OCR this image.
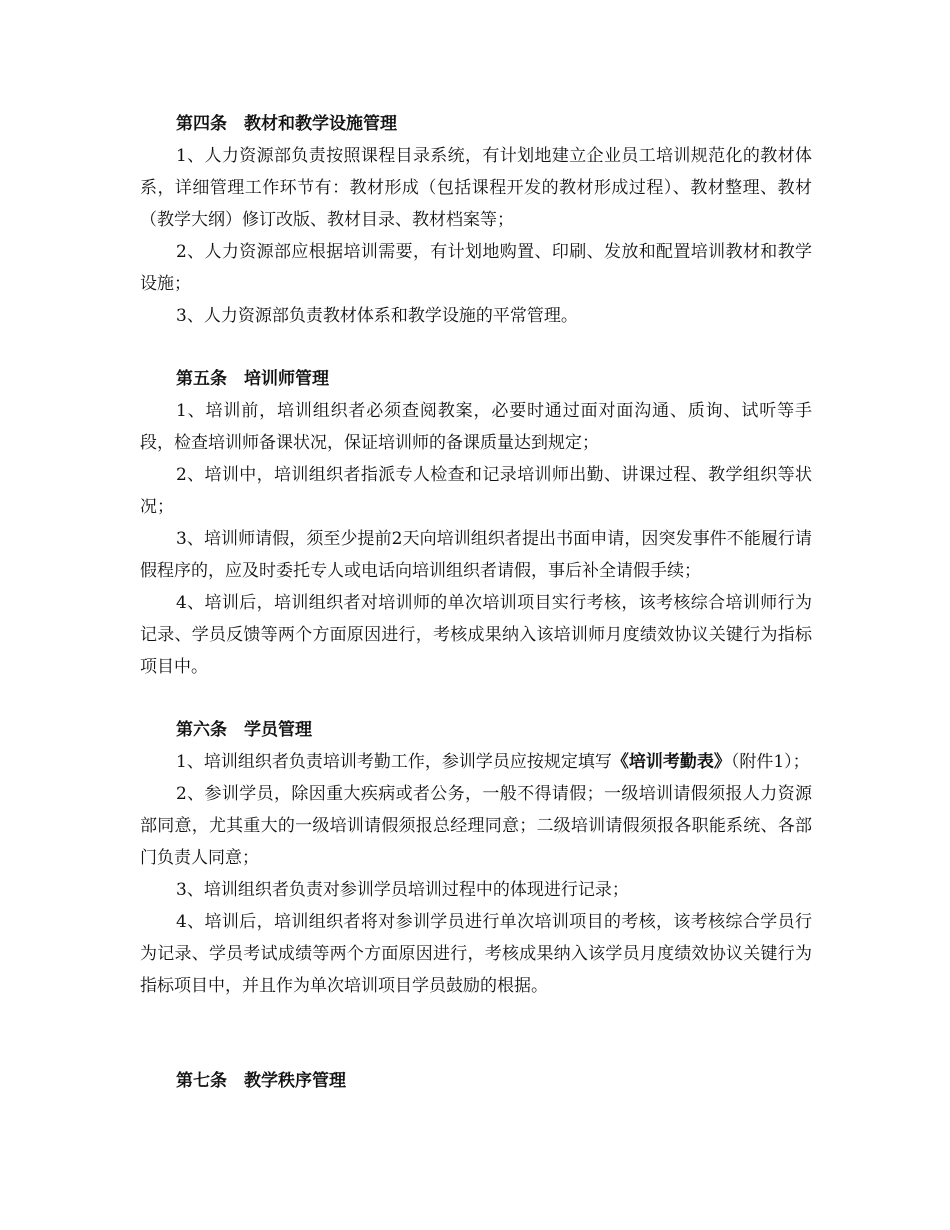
第四条　教材和教学设施管理

1、人力资源部负责按照课程目录系统，有计划地建立企业员工培训规范化的教材体系，详细管理工作环节有：教材形成（包括课程开发的教材形成过程）、教材整理、教材（教学大纲）修订改版、教材目录、教材档案等；

2、人力资源部应根据培训需要，有计划地购置、印刷、发放和配置培训教材和教学设施；

3、人力资源部负责教材体系和教学设施的平常管理。

第五条　培训师管理

1、培训前，培训组织者必须查阅教案，必要时通过面对面沟通、质询、试听等手段，检查培训师备课状况，保证培训师的备课质量达到规定；

2、培训中，培训组织者指派专人检查和记录培训师出勤、讲课过程、教学组织等状况；

3、培训师请假，须至少提前2天向培训组织者提出书面申请，因突发事件不能履行请假程序的，应及时委托专人或电话向培训组织者请假，事后补全请假手续；

4、培训后，培训组织者对培训师的单次培训项目实行考核，该考核综合培训师行为记录、学员反馈等两个方面原因进行，考核成果纳入该培训师月度绩效协议关键行为指标项目中。

第六条　学员管理

1、培训组织者负责培训考勤工作，参训学员应按规定填写《培训考勤表》（附件1）；

2、参训学员，除因重大疾病或者公务，一般不得请假；一级培训请假须报人力资源部同意，尤其重大的一级培训请假须报总经理同意；二级培训请假须报各职能系统、各部门负责人同意；

3、培训组织者负责对参训学员培训过程中的体现进行记录；

4、培训后，培训组织者将对参训学员进行单次培训项目的考核，该考核综合学员行为记录、学员考试成绩等两个方面原因进行，考核成果纳入该学员月度绩效协议关键行为指标项目中，并且作为单次培训项目学员鼓励的根据。

第七条　教学秩序管理
